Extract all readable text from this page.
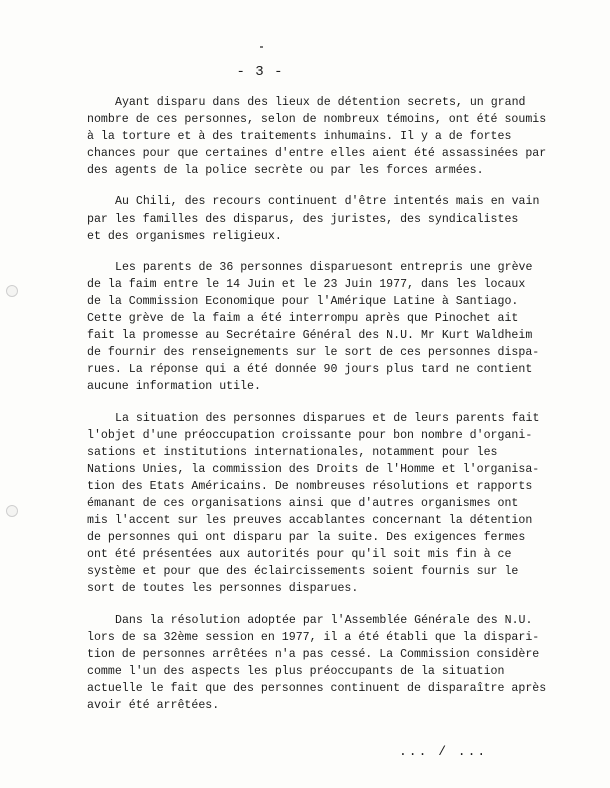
- 3 -

Ayant disparu dans des lieux de détention secrets, un grand
nombre de ces personnes, selon de nombreux témoins, ont été soumis
à la torture et à des traitements inhumains. Il y a de fortes
chances pour que certaines d'entre elles aient été assassinées par
des agents de la police secrète ou par les forces armées.

Au Chili, des recours continuent d'être intentés mais en vain
par les familles des disparus, des juristes, des syndicalistes
et des organismes religieux.

Les parents de 36 personnes disparuesont entrepris une grève
de la faim entre le 14 Juin et le 23 Juin 1977, dans les locaux
de la Commission Economique pour l'Amérique Latine à Santiago.
Cette grève de la faim a été interrompu après que Pinochet ait
fait la promesse au Secrétaire Général des N.U. Mr Kurt Waldheim
de fournir des renseignements sur le sort de ces personnes dispa-
rues. La réponse qui a été donnée 90 jours plus tard ne contient
aucune information utile.

La situation des personnes disparues et de leurs parents fait
l'objet d'une préoccupation croissante pour bon nombre d'organi-
sations et institutions internationales, notamment pour les
Nations Unies, la commission des Droits de l'Homme et l'organisa-
tion des Etats Américains. De nombreuses résolutions et rapports
émanant de ces organisations ainsi que d'autres organismes ont
mis l'accent sur les preuves accablantes concernant la détention
de personnes qui ont disparu par la suite. Des exigences fermes
ont été présentées aux autorités pour qu'il soit mis fin à ce
système et pour que des éclaircissements soient fournis sur le
sort de toutes les personnes disparues.

Dans la résolution adoptée par l'Assemblée Générale des N.U.
lors de sa 32ème session en 1977, il a été établi que la dispari-
tion de personnes arrêtées n'a pas cessé. La Commission considère
comme l'un des aspects les plus préoccupants de la situation
actuelle le fait que des personnes continuent de disparaître après
avoir été arrêtées.

... / ...
